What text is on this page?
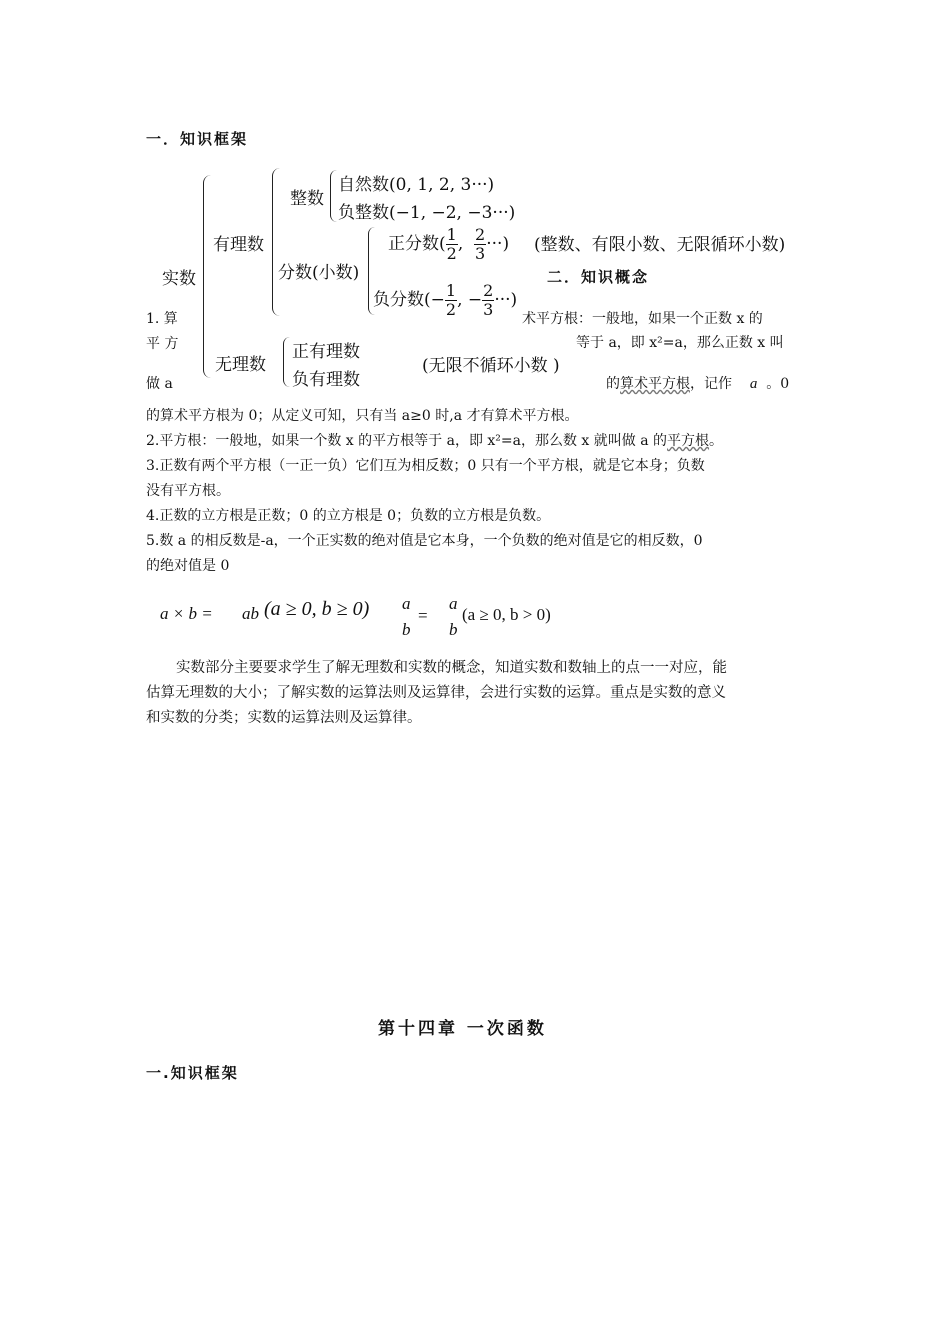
一．知识框架
实数
有理数
整数
自然数(0, 1, 2, 3···)
负整数(−1, −2, −3···)
分数(小数)
正分数( $\frac{1}{2}$ , $\frac{2}{3}$ ···) (整数、有限小数、无限循环小数)
二．知识概念
负分数(− $\frac{1}{2}$ , − $\frac{2}{3}$ ···)
无理数
正有理数
负有理数
(无限不循环小数 )
1. 算
平 方
做 a
术平方根：一般地，如果一个正数 x 的
等于 a，即 x²=a，那么正数 x 叫
的算术平方根，记作 a 。0
的算术平方根为 0；从定义可知，只有当 a≥0 时,a 才有算术平方根。
2.平方根：一般地，如果一个数 x 的平方根等于 a，即 x²=a，那么数 x 就叫做 a 的平方根。
3.正数有两个平方根（一正一负）它们互为相反数；0 只有一个平方根，就是它本身；负数
没有平方根。
4.正数的立方根是正数；0 的立方根是 0；负数的立方根是负数。
5.数 a 的相反数是-a，一个正实数的绝对值是它本身，一个负数的绝对值是它的相反数，0
的绝对值是 0
a × b = ab (a ≥ 0, b ≥ 0) a
b
=
a
b
(a ≥ 0, b > 0)
实数部分主要要求学生了解无理数和实数的概念，知道实数和数轴上的点一一对应，能
估算无理数的大小；了解实数的运算法则及运算律，会进行实数的运算。重点是实数的意义
和实数的分类；实数的运算法则及运算律。
第十四章 一次函数
一.知识框架
